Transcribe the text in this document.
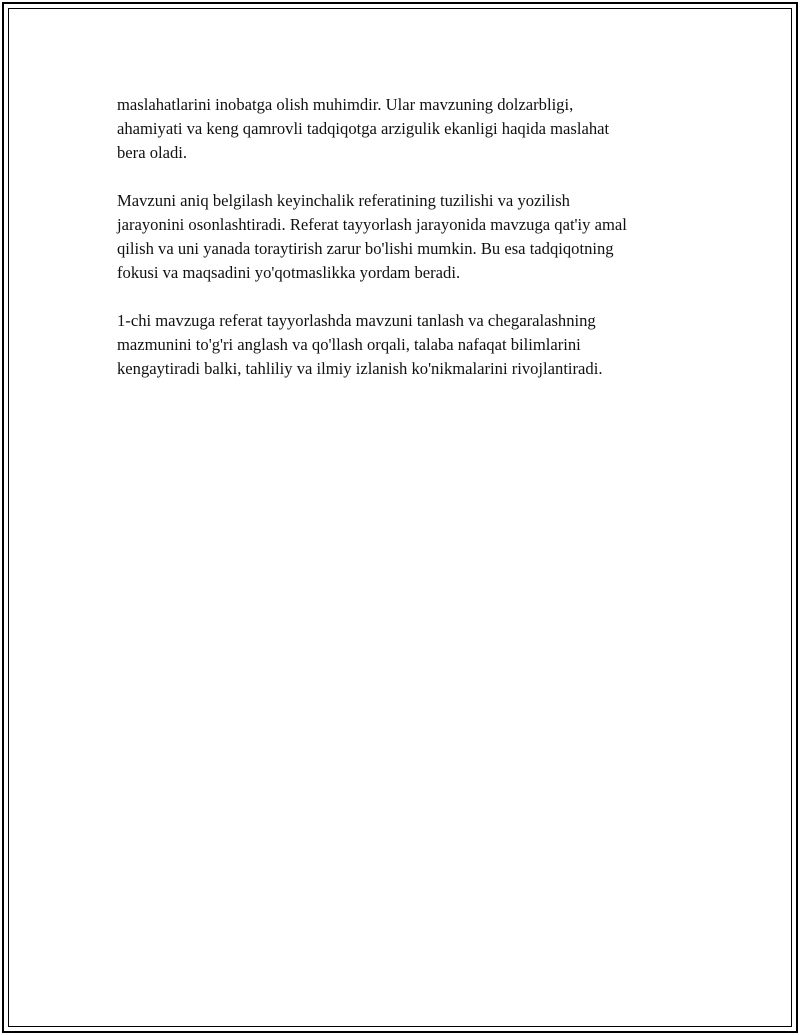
maslahatlarini inobatga olish muhimdir. Ular mavzuning dolzarbligi,
ahamiyati va keng qamrovli tadqiqotga arzigulik ekanligi haqida maslahat
bera oladi.

Mavzuni aniq belgilash keyinchalik referatining tuzilishi va yozilish
jarayonini osonlashtiradi. Referat tayyorlash jarayonida mavzuga qat'iy amal
qilish va uni yanada toraytirish zarur bo'lishi mumkin. Bu esa tadqiqotning
fokusi va maqsadini yo'qotmaslikka yordam beradi.

1-chi mavzuga referat tayyorlashda mavzuni tanlash va chegaralashning
mazmunini to'g'ri anglash va qo'llash orqali, talaba nafaqat bilimlarini
kengaytiradi balki, tahliliy va ilmiy izlanish ko'nikmalarini rivojlantiradi.
